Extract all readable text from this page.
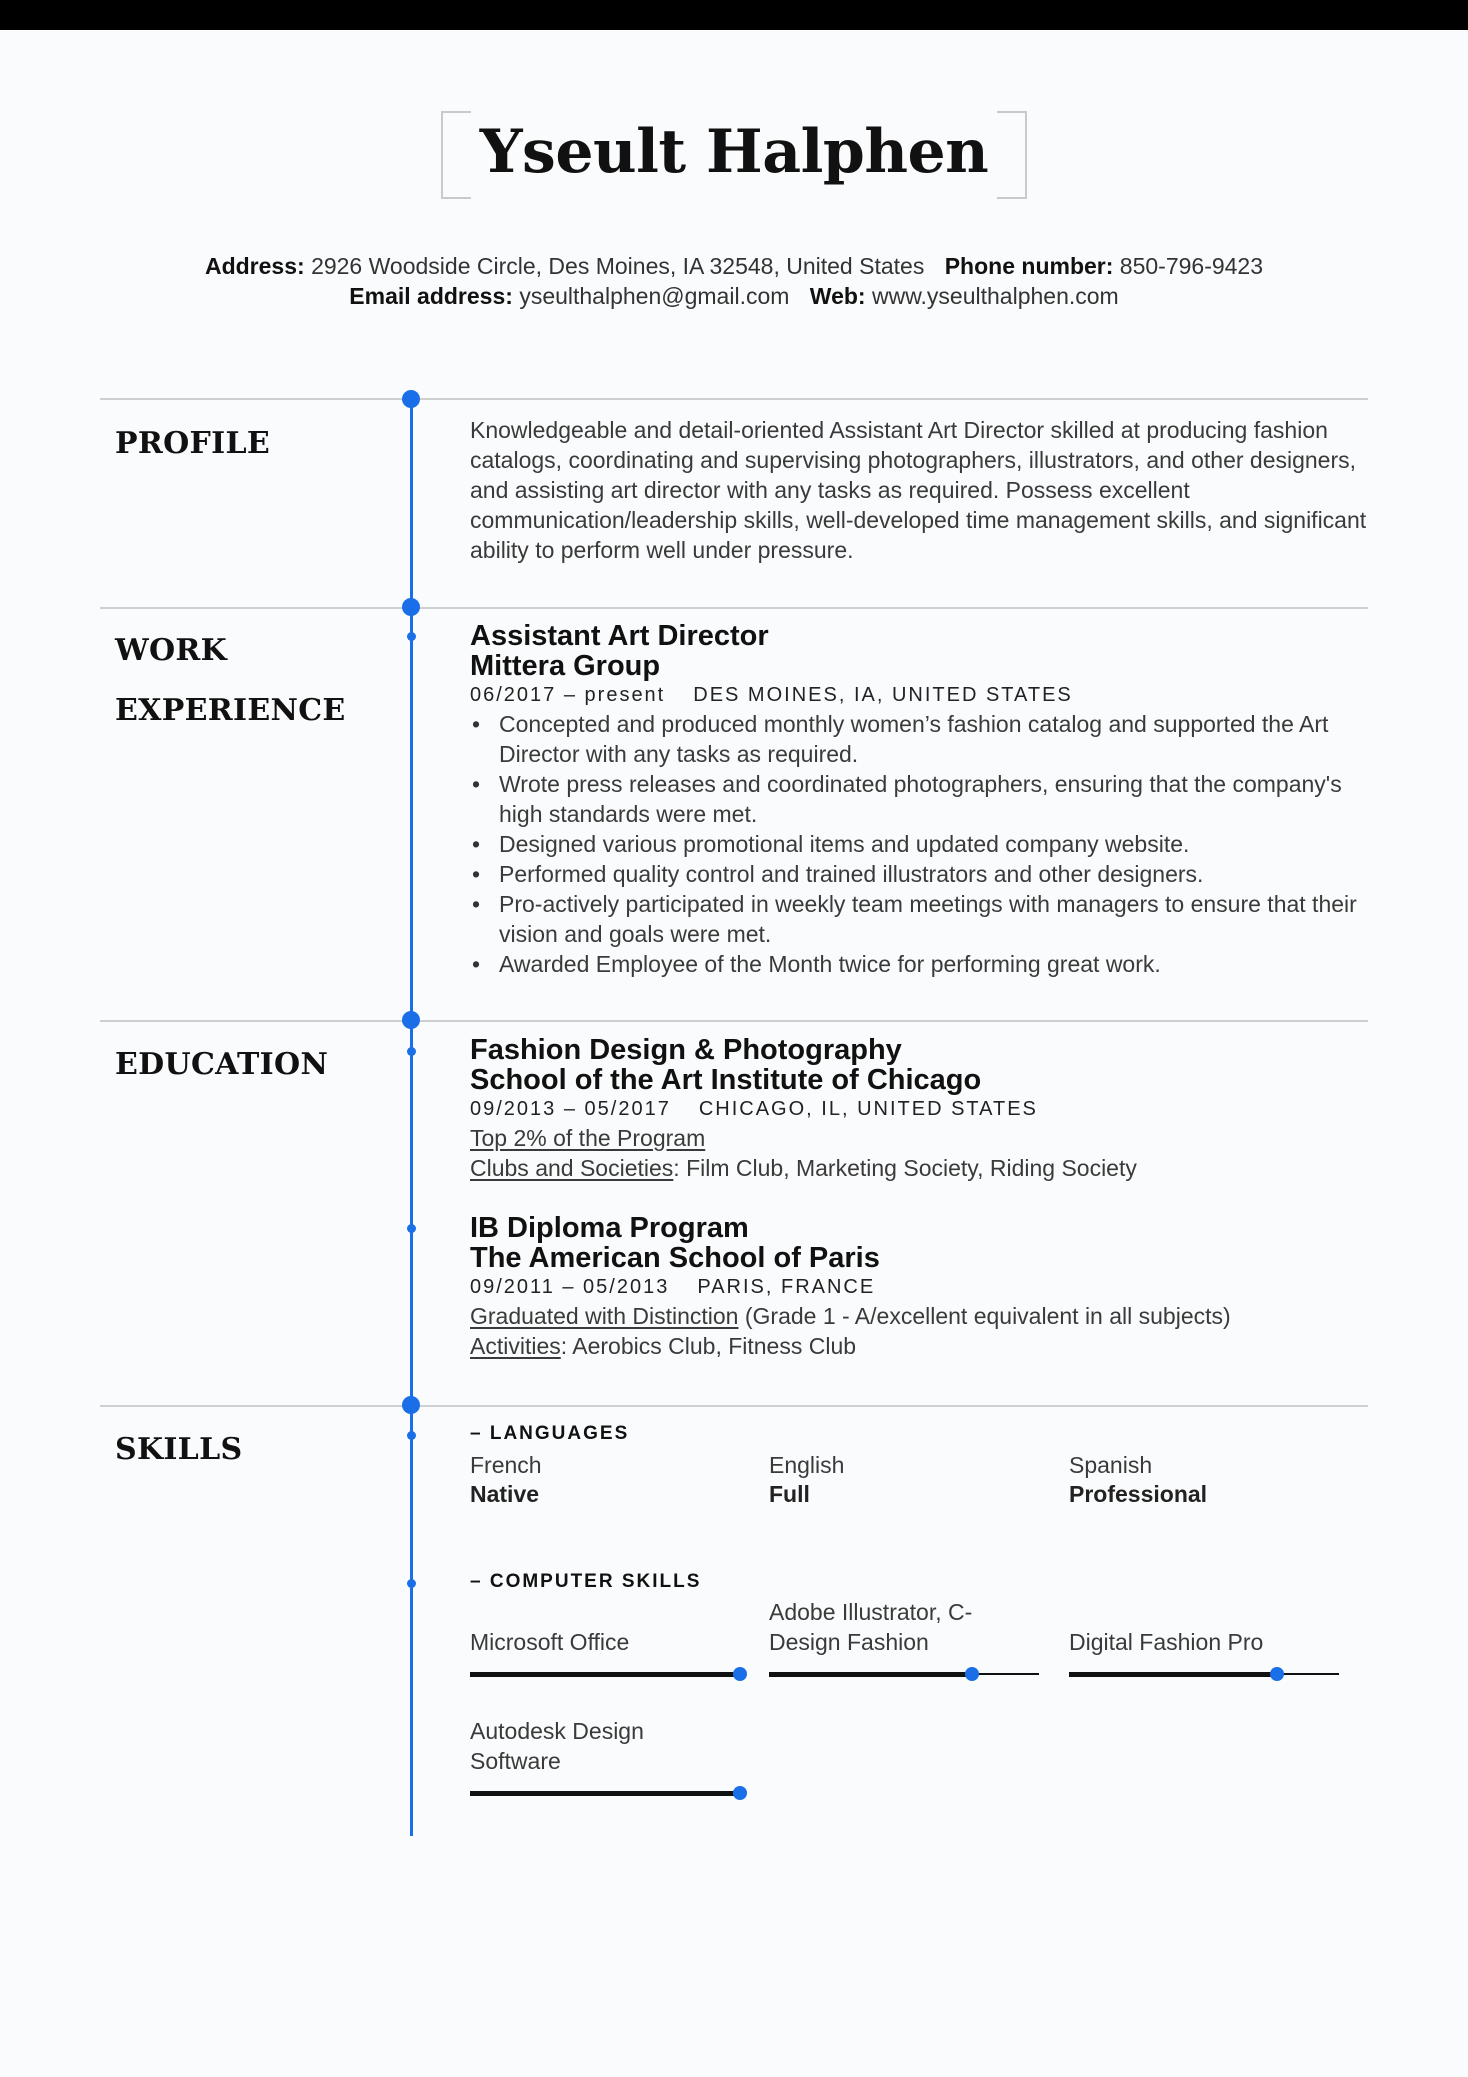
Yseult Halphen
Address: 2926 Woodside Circle, Des Moines, IA 32548, United States Phone number: 850-796-9423
Email address: yseulthalphen@gmail.com Web: www.yseulthalphen.com
PROFILE	Knowledgeable and detail-oriented Assistant Art Director skilled at producing fashion catalogs, coordinating and supervising photographers, illustrators, and other designers, and assisting art director with any tasks as required. Possess excellent communication/leadership skills, well-developed time management skills, and significant ability to perform well under pressure.
WORK
EXPERIENCE
Assistant Art Director
Mittera Group
06/2017 – present DES MOINES, IA, UNITED STATES
• Concepted and produced monthly women’s fashion catalog and supported the Art Director with any tasks as required.
• Wrote press releases and coordinated photographers, ensuring that the company's high standards were met.
• Designed various promotional items and updated company website.
• Performed quality control and trained illustrators and other designers.
• Pro-actively participated in weekly team meetings with managers to ensure that their vision and goals were met.
• Awarded Employee of the Month twice for performing great work.
EDUCATION	Fashion Design & Photography
School of the Art Institute of Chicago
09/2013 – 05/2017 CHICAGO, IL, UNITED STATES
Top 2% of the Program
Clubs and Societies: Film Club, Marketing Society, Riding Society
IB Diploma Program
The American School of Paris
09/2011 – 05/2013 PARIS, FRANCE
Graduated with Distinction (Grade 1 - A/excellent equivalent in all subjects)
Activities: Aerobics Club, Fitness Club
SKILLS	– LANGUAGES
French
Native
English
Full
Spanish
Professional
– COMPUTER SKILLS
Microsoft Office
Adobe Illustrator, C-Design Fashion	Digital Fashion Pro
Autodesk Design Software
